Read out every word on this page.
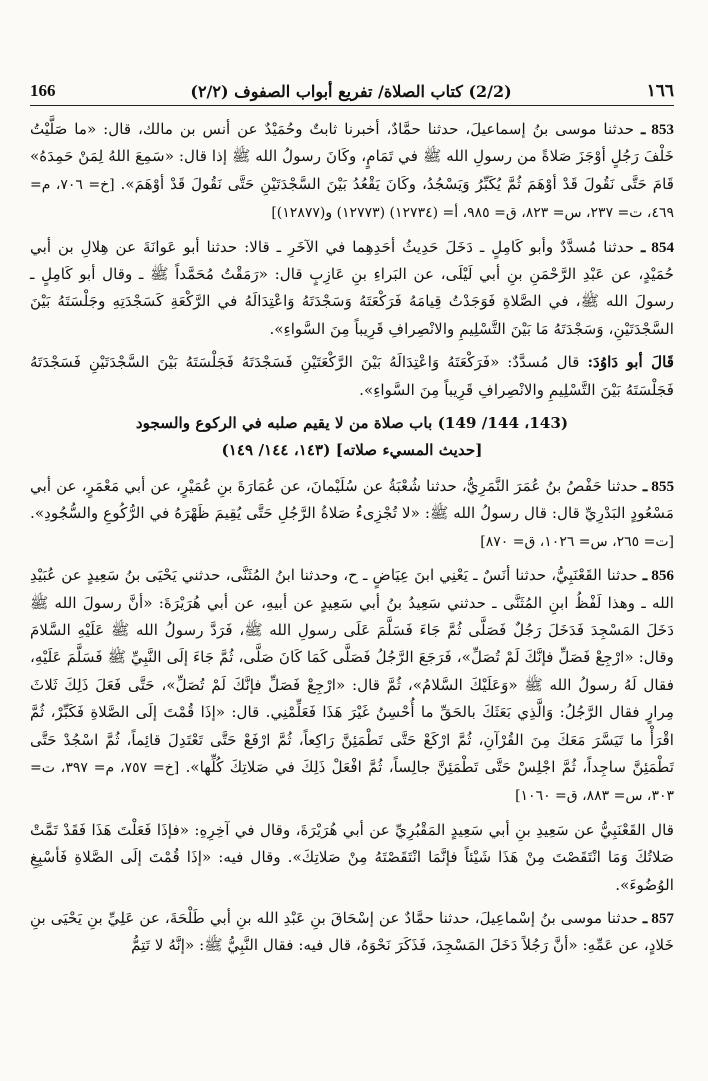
166	(2/2) كتاب الصلاة/ تفريع أبواب الصفوف (٢/٢)	١٦٦

853 ـ حدثنا موسى بنُ إسماعيلَ، حدثنا حمَّادٌ، أخبرنا ثابتٌ وحُمَيْدٌ عن أنس بن مالك، قال: «ما صَلَّيْتُ خَلْفَ رَجُلٍ أوْجَزَ صَلاةً من رسولِ الله ﷺ في تَمَامٍ، وكَانَ رسولُ الله ﷺ إذا قال: «سَمِعَ اللهُ لِمَنْ حَمِدَهُ» قَامَ حَتَّى نَقُولَ قَدْ أوْهَمَ ثُمَّ يُكَبِّرُ وَيَسْجُدُ، وكَانَ يَقْعُدُ بَيْنَ السَّجْدَتَيْنِ حَتَّى نَقُولَ قَدْ أوْهَمَ». [خ= ٧٠٦، م= ٤٦٩، ت= ٢٣٧، س= ٨٢٣، ق= ٩٨٥، أ= (١٢٧٣٤) (١٢٧٧٣) و(١٢٨٧٧)]

854 ـ حدثنا مُسدَّدٌ وأبو كَامِلٍ ـ دَخَلَ حَدِيثُ أحَدِهِما في الآخَرِ ـ قالا: حدثنا أبو عَوانَةَ عن هِلالِ بن أبي حُمَيْدٍ، عن عَبْدِ الرَّحْمَنِ بنِ أبي لَيْلَى، عن البَراءِ بنِ عَازِبٍ قال: «رَمَقْتُ مُحَمَّداً ﷺ ـ وقال أبو كَامِلٍ ـ رسولَ الله ﷺ، في الصَّلاةِ فَوَجَدْتُ قِيامَهُ فَرَكْعَتَهُ وَسَجْدَتَهُ وَاعْتِدَالَهُ في الرَّكْعَةِ كَسَجْدَتِهِ وجَلْسَتَهُ بَيْنَ السَّجْدَتَيْنِ، وَسَجْدَتَهُ مَا بَيْنَ التَّسْلِيمِ والانْصِرافِ قَرِيباً مِنَ السَّواءِ».

قَالَ أبو دَاوُدَ: قال مُسدَّدٌ: «فَرَكْعَتَهُ وَاعْتِدَالَهُ بَيْنَ الرَّكْعَتَيْنِ فَسَجْدَتَهُ فَجَلْسَتَهُ بَيْنَ السَّجْدَتَيْنِ فَسَجْدَتَهُ فَجَلْسَتَهُ بَيْنَ التَّسْلِيمِ والانْصِرافِ قَرِيباً مِنَ السَّواءِ».

(143، 144/ 149) باب صلاة من لا يقيم صلبه في الركوع والسجود
[حديث المسيء صلاته] (١٤٣، ١٤٤/ ١٤٩)

855 ـ حدثنا حَفْصُ بنُ عُمَرَ النَّمَرِيُّ، حدثنا شُعْبَةُ عن سُلَيْمانَ، عن عُمَارَةَ بنِ عُمَيْرٍ، عن أبي مَعْمَرٍ، عن أبي مَسْعُودٍ البَدْرِيِّ قال: قال رسولُ الله ﷺ: «لا تُجْزِىءُ صَلاةُ الرَّجُلِ حَتَّى يُقِيمَ ظَهْرَهُ في الرُّكُوعِ والسُّجُودِ». [ت= ٢٦٥، س= ١٠٢٦، ق= ٨٧٠]

856 ـ حدثنا القَعْنَبِيُّ، حدثنا أنَسٌ ـ يَعْنِي ابنَ عِيَاضٍ ـ ح، وحدثنا ابنُ المُثَنَّى، حدثني يَحْيَى بنُ سَعِيدٍ عن عُبَيْدِ الله ـ وهذا لَفْظُ ابنِ المُثَنَّى ـ حدثني سَعِيدُ بنُ أبي سَعِيدٍ عن أبيهِ، عن أبي هُرَيْرَةَ: «أنَّ رسولَ الله ﷺ دَخَلَ المَسْجِدَ فَدَخَلَ رَجُلٌ فَصَلَّى ثُمَّ جَاءَ فَسَلَّمَ عَلَى رسولِ الله ﷺ، فَرَدَّ رسولُ الله ﷺ عَلَيْهِ السَّلامَ وقال: «ارْجِعْ فَصَلِّ فإنَّكَ لَمْ تُصَلِّ»، فَرَجَعَ الرَّجُلُ فَصَلَّى كَمَا كَانَ صَلَّى، ثُمَّ جَاءَ إلَى النَّبِيِّ ﷺ فَسَلَّمَ عَلَيْهِ، فقال لَهُ رسولُ الله ﷺ «وَعَلَيْكَ السَّلامُ»، ثُمَّ قال: «ارْجِعْ فَصَلِّ فإنَّكَ لَمْ تُصَلِّ»، حَتَّى فَعَلَ ذَلِكَ ثَلاثَ مِرارٍ فقال الرَّجُلُ: وَالَّذِي بَعَثَكَ بالحَقِّ ما أُحْسِنُ غَيْرَ هَذَا فَعَلِّمْنِي. قال: «إذَا قُمْتَ إلَى الصَّلاةِ فَكَبِّرْ، ثُمَّ اقْرَأْ ما تَيَسَّرَ مَعَكَ مِنَ القُرْآنِ، ثُمَّ ارْكَعْ حَتَّى تَطْمَئِنَّ رَاكِعاً، ثُمَّ ارْفَعْ حَتَّى تَعْتَدِلَ قائِماً، ثُمَّ اسْجُدْ حَتَّى تَطْمَئِنَّ ساجِداً، ثُمَّ اجْلِسْ حَتَّى تَطْمَئِنَّ جالِساً، ثُمَّ افْعَلْ ذَلِكَ في صَلاتِكَ كُلِّها». [خ= ٧٥٧، م= ٣٩٧، ت= ٣٠٣، س= ٨٨٣، ق= ١٠٦٠]

قال القَعْنَبِيُّ عن سَعِيدِ بنِ أبي سَعِيدٍ المَقْبُرِيِّ عن أبي هُرَيْرَةَ، وقال في آخِرِهِ: «فإذَا فَعَلْتَ هَذَا فَقَدْ تَمَّتْ صَلاتُكَ وَمَا انْتَقَصْتَ مِنْ هَذَا شَيْئاً فإنَّمَا انْتَقَصْتَهُ مِنْ صَلاتِكَ». وقال فيه: «إذَا قُمْتَ إلَى الصَّلاةِ فَأسْبِغِ الوُضُوءَ».

857 ـ حدثنا موسى بنُ إسْماعِيلَ، حدثنا حمَّادٌ عن إسْحَاقَ بنِ عَبْدِ الله بنِ أبي طَلْحَةَ، عن عَلِيِّ بنِ يَحْيَى بنِ خَلادٍ، عن عَمِّهِ: «أنَّ رَجُلاً دَخَلَ المَسْجِدَ، فَذَكَرَ نَحْوَهُ، قال فيه: فقال النَّبِيُّ ﷺ: «إنَّهُ لا تَتِمُّ
